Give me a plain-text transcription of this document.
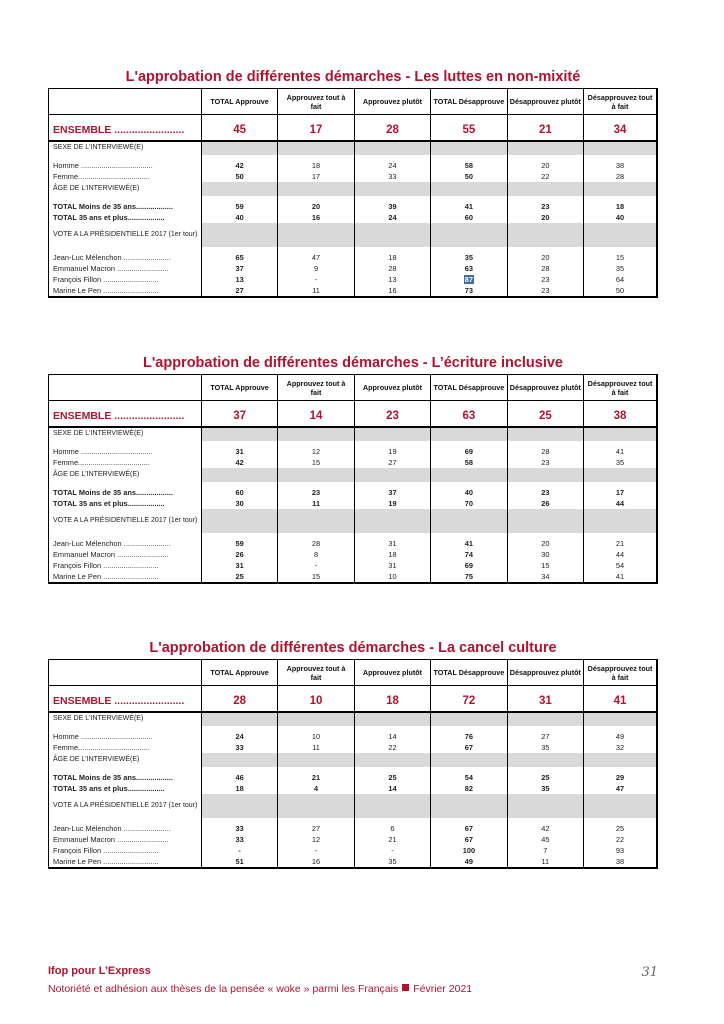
L'approbation de différentes démarches - Les luttes en non-mixité
	TOTAL Approuve	Approuvez tout à fait	Approuvez plutôt	TOTAL Désapprouve	Désapprouvez plutôt	Désapprouvez tout à fait

ENSEMBLE ........................	45	17	28	55	21	34
SEXE DE L'INTERVIEWÉ(E)						

Homme ...................................	42	18	24	58	20	38
Femme...................................	50	17	33	50	22	28
ÂGE DE L'INTERVIEWÉ(E)						

TOTAL Moins de 35 ans..................	59	20	39	41	23	18
TOTAL 35 ans et plus..................	40	16	24	60	20	40
VOTE A LA PRÉSIDENTIELLE 2017 (1er tour)						

Jean-Luc Mélenchon .......................	65	47	18	35	20	15
Emmanuel Macron .........................	37	9	28	63	28	35
François Fillon ...........................	13	-	13	87	23	64
Marine Le Pen ...........................	27	11	16	73	23	50
L'approbation de différentes démarches - L’écriture inclusive
	TOTAL Approuve	Approuvez tout à fait	Approuvez plutôt	TOTAL Désapprouve	Désapprouvez plutôt	Désapprouvez tout à fait

ENSEMBLE ........................	37	14	23	63	25	38
SEXE DE L'INTERVIEWÉ(E)						

Homme ...................................	31	12	19	69	28	41
Femme...................................	42	15	27	58	23	35
ÂGE DE L'INTERVIEWÉ(E)						

TOTAL Moins de 35 ans..................	60	23	37	40	23	17
TOTAL 35 ans et plus..................	30	11	19	70	26	44
VOTE A LA PRÉSIDENTIELLE 2017 (1er tour)						

Jean-Luc Mélenchon .......................	59	28	31	41	20	21
Emmanuel Macron .........................	26	8	18	74	30	44
François Fillon ...........................	31	-	31	69	15	54
Marine Le Pen ...........................	25	15	10	75	34	41
L'approbation de différentes démarches - La cancel culture
	TOTAL Approuve	Approuvez tout à fait	Approuvez plutôt	TOTAL Désapprouve	Désapprouvez plutôt	Désapprouvez tout à fait

ENSEMBLE ........................	28	10	18	72	31	41
SEXE DE L'INTERVIEWÉ(E)						

Homme ...................................	24	10	14	76	27	49
Femme...................................	33	11	22	67	35	32
ÂGE DE L'INTERVIEWÉ(E)						

TOTAL Moins de 35 ans..................	46	21	25	54	25	29
TOTAL 35 ans et plus..................	18	4	14	82	35	47
VOTE A LA PRÉSIDENTIELLE 2017 (1er tour)						

Jean-Luc Mélenchon .......................	33	27	6	67	42	25
Emmanuel Macron .........................	33	12	21	67	45	22
François Fillon ...........................	-	-	-	100	7	93
Marine Le Pen ...........................	51	16	35	49	11	38
Ifop pour L’Express
Notoriété et adhésion aux thèses de la pensée « woke » parmi les Français Février 2021
31
